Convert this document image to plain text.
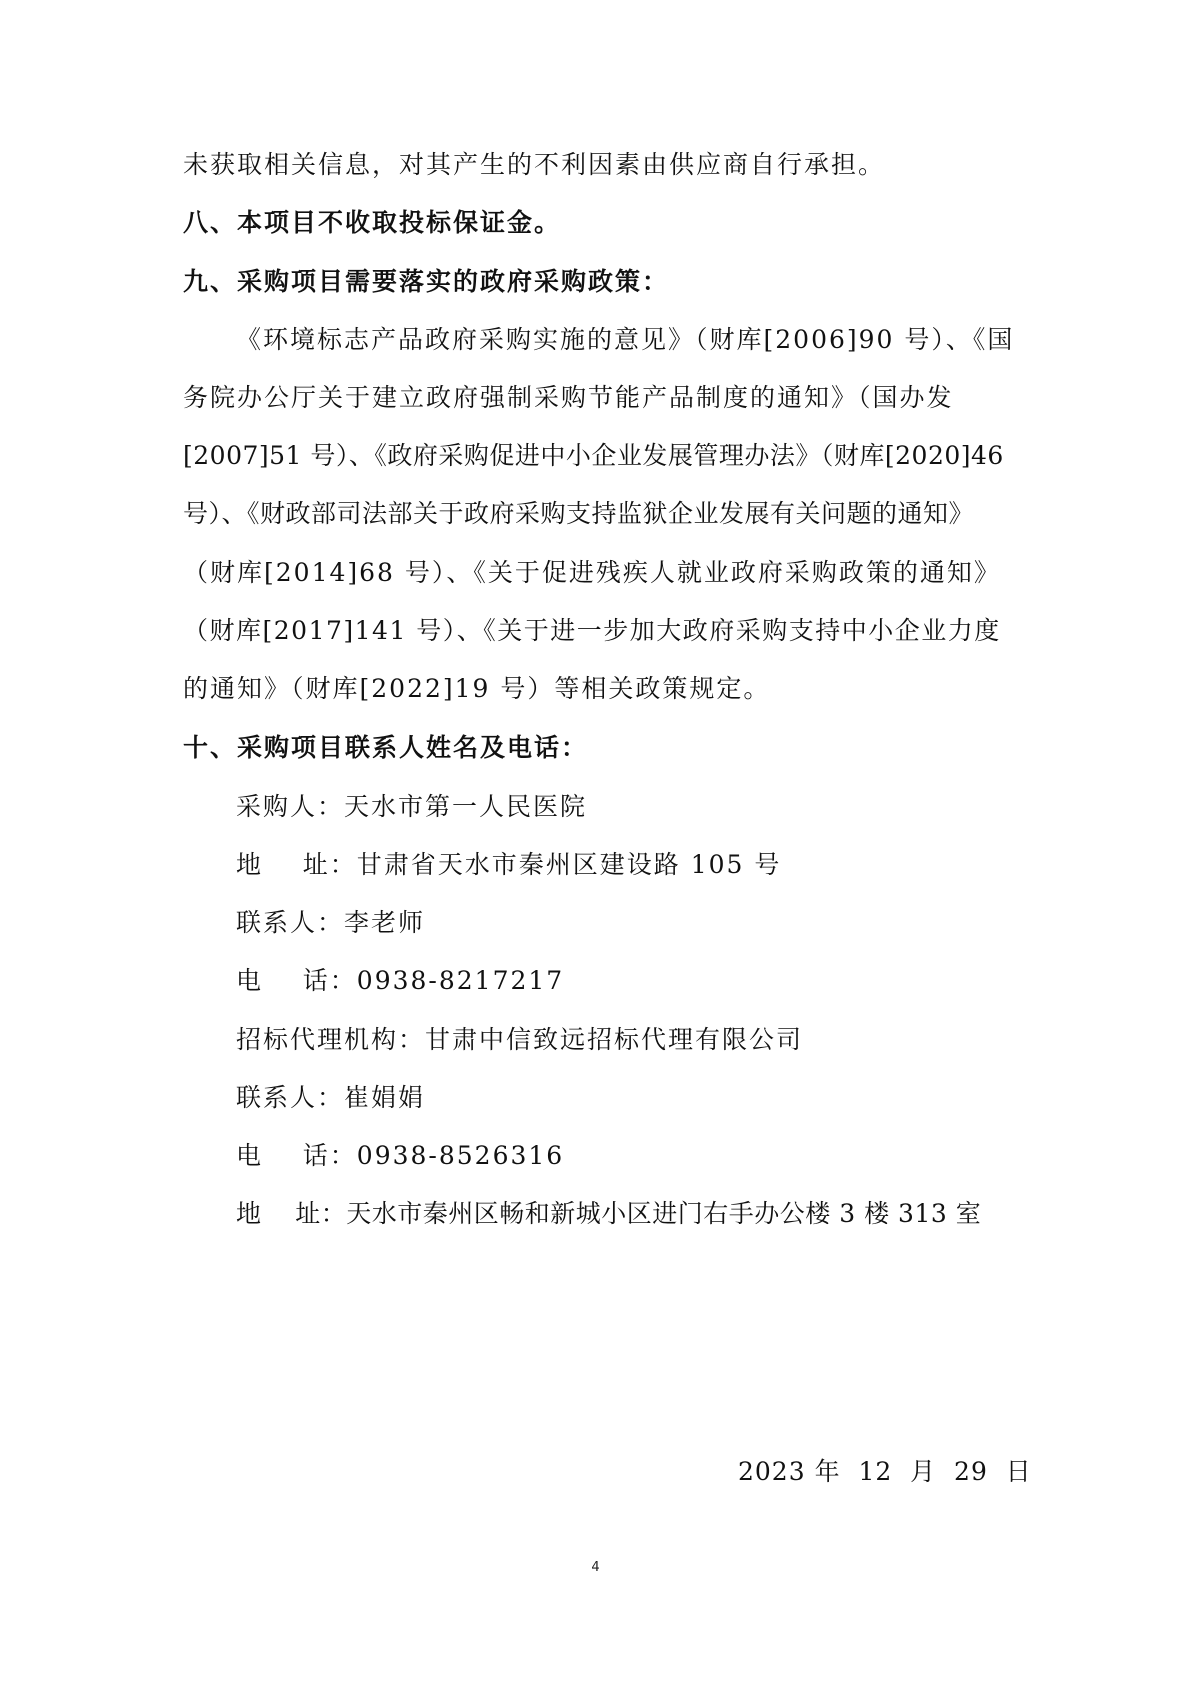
未获取相关信息，对其产生的不利因素由供应商自行承担。
八、本项目不收取投标保证金。
九、采购项目需要落实的政府采购政策：
《环境标志产品政府采购实施的意见》（财库[2006]90 号）、《国
务院办公厅关于建立政府强制采购节能产品制度的通知》（国办发
[2007]51 号）、《政府采购促进中小企业发展管理办法》（财库[2020]46
号）、《财政部司法部关于政府采购支持监狱企业发展有关问题的通知》
（财库[2014]68 号）、《关于促进残疾人就业政府采购政策的通知》
（财库[2017]141 号）、《关于进一步加大政府采购支持中小企业力度
的通知》（财库[2022]19 号）等相关政策规定。
十、采购项目联系人姓名及电话：
采购人：天水市第一人民医院
地    址：甘肃省天水市秦州区建设路 105 号
联系人：李老师
电    话：0938-8217217
招标代理机构：甘肃中信致远招标代理有限公司
联系人：崔娟娟
电    话：0938-8526316
地    址：天水市秦州区畅和新城小区进门右手办公楼 3 楼 313 室
2023 年  12  月  29  日
4
